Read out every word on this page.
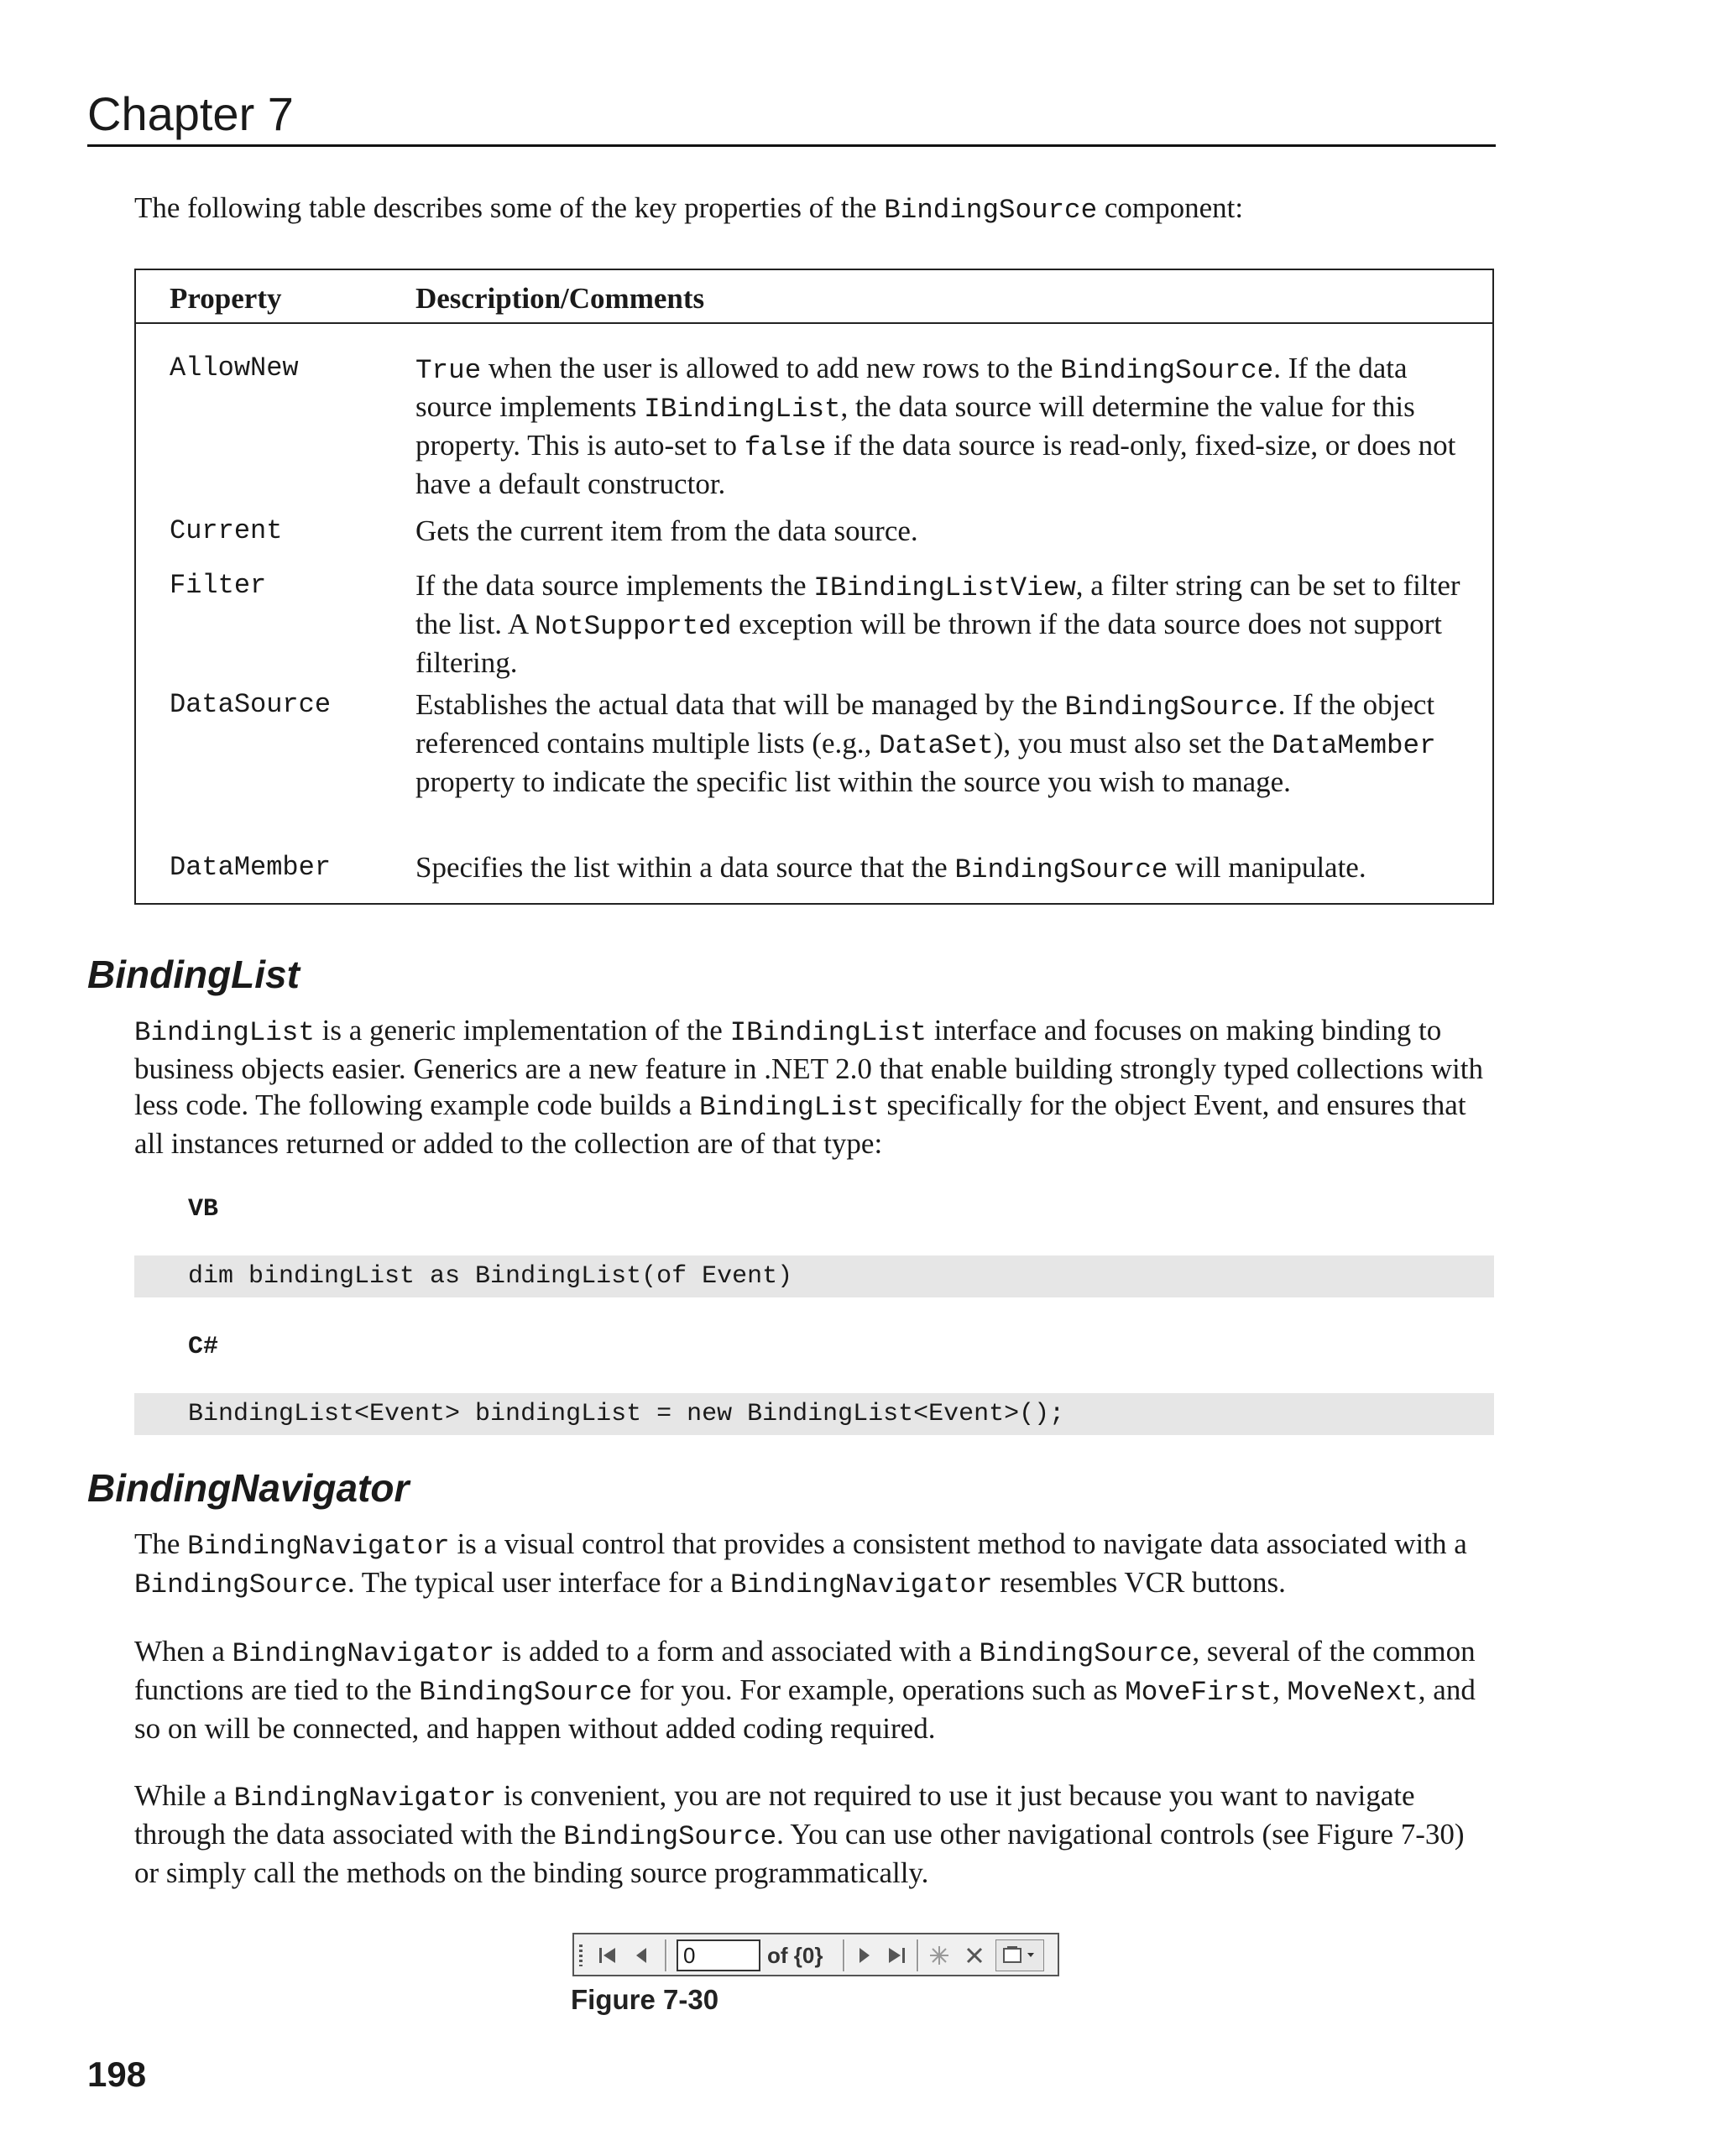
Chapter 7

The following table describes some of the key properties of the BindingSource component:

Property	Description/Comments
AllowNew	True when the user is allowed to add new rows to the BindingSource. If the data source implements IBindingList, the data source will determine the value for this property. This is auto-set to false if the data source is read-only, fixed-size, or does not have a default constructor.

Current	Gets the current item from the data source.

Filter	If the data source implements the IBindingListView, a filter string can be set to filter the list. A NotSupported exception will be thrown if the data source does not support filtering.

DataSource	Establishes the actual data that will be managed by the BindingSource. If the object referenced contains multiple lists (e.g., DataSet), you must also set the DataMember property to indicate the specific list within the source you wish to manage.

DataMember	Specifies the list within a data source that the BindingSource will manipulate.

BindingList

BindingList is a generic implementation of the IBindingList interface and focuses on making binding to business objects easier. Generics are a new feature in .NET 2.0 that enable building strongly typed collections with less code. The following example code builds a BindingList specifically for the object Event, and ensures that all instances returned or added to the collection are of that type:

VB
dim bindingList as BindingList(of Event)
C#
BindingList<Event> bindingList = new BindingList<Event>();
BindingNavigator

The BindingNavigator is a visual control that provides a consistent method to navigate data associated with a BindingSource. The typical user interface for a BindingNavigator resembles VCR buttons.

When a BindingNavigator is added to a form and associated with a BindingSource, several of the common functions are tied to the BindingSource for you. For example, operations such as MoveFirst, MoveNext, and so on will be connected, and happen without added coding required.

While a BindingNavigator is convenient, you are not required to use it just because you want to navigate through the data associated with the BindingSource. You can use other navigational controls (see Figure 7-30) or simply call the methods on the binding source programmatically.

0	of {0}
Figure 7-30
198
